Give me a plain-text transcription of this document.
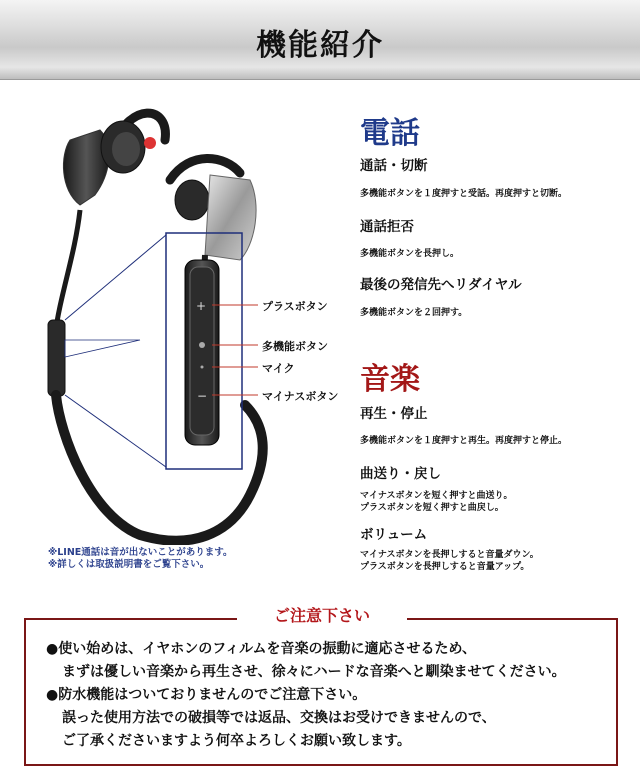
機能紹介
+
−
プラスボタン
多機能ボタン
マイク
マイナスボタン
※LINE通話は音が出ないことがあります。
※詳しくは取扱説明書をご覧下さい。
電話
通話・切断
多機能ボタンを１度押すと受話。再度押すと切断。
通話拒否
多機能ボタンを長押し。
最後の発信先へリダイヤル
多機能ボタンを２回押す。
音楽
再生・停止
多機能ボタンを１度押すと再生。再度押すと停止。
曲送り・戻し
マイナスボタンを短く押すと曲送り。
プラスボタンを短く押すと曲戻し。
ボリューム
マイナスボタンを長押しすると音量ダウン。
プラスボタンを長押しすると音量アップ。
ご注意下さい
●使い始めは、イヤホンのフィルムを音楽の振動に適応させるため、
まずは優しい音楽から再生させ、徐々にハードな音楽へと馴染ませてください。
●防水機能はついておりませんのでご注意下さい。
誤った使用方法での破損等では返品、交換はお受けできませんので、
ご了承くださいますよう何卒よろしくお願い致します。
